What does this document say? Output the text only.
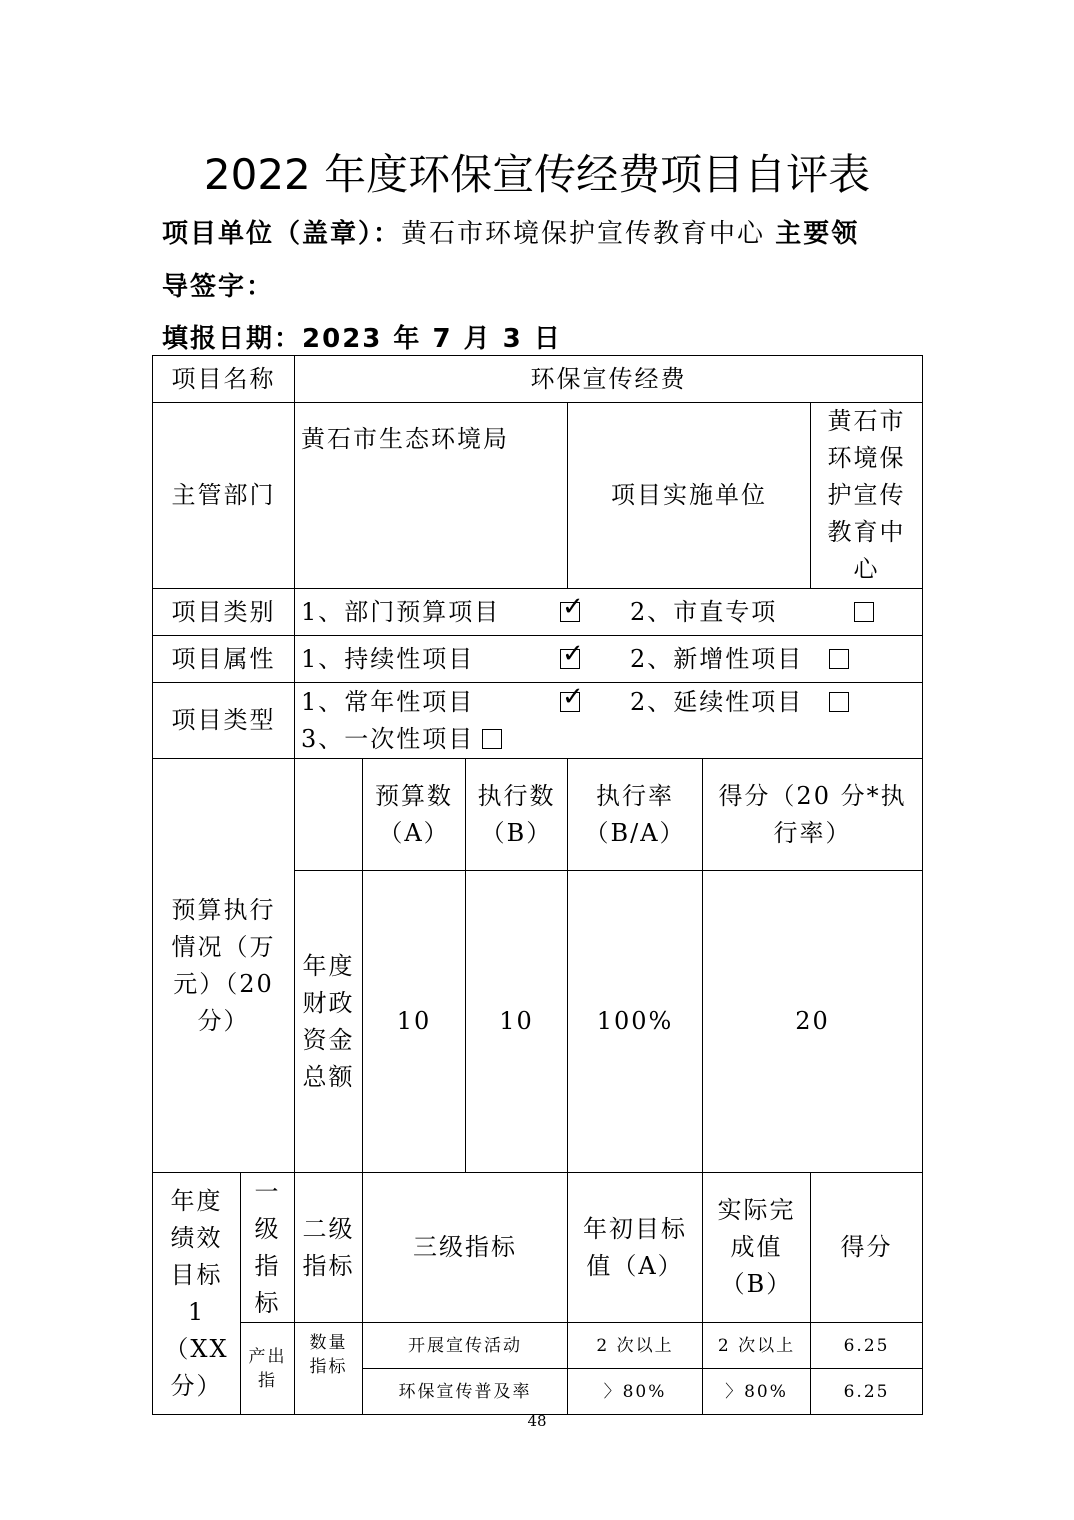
2022 年度环保宣传经费项目自评表
项目单位（盖章）：黄石市环境保护宣传教育中心 主要领
导签字：
填报日期：2023 年 7 月 3 日
项目名称		环保宣传经费					
主管部门		黄石市生态环境局			项目实施单位		黄石市环境保护宣传教育中心
项目类别		1、部门预算项目 ✓ 2、市直专项

项目属性		1、持续性项目 ✓ 2、新增性项目

项目类型		1、常年性项目 ✓ 2、延续性项目
3、一次性项目

预算执行情况（万元）（20 分）			预算数（A）	执行数（B）	执行率（B/A）	得分（20 分*执行率）	
		年度财政资金总额	10	10	100%	20	
年度绩效目标 1（XX 分）	一级指标	二级指标	三级指标		年初目标值（A）	实际完成值（B）	得分
	产出指	数量指标	开展宣传活动		2 次以上	2 次以上	6.25
			环保宣传普及率		〉80%	〉80%	6.25
48
